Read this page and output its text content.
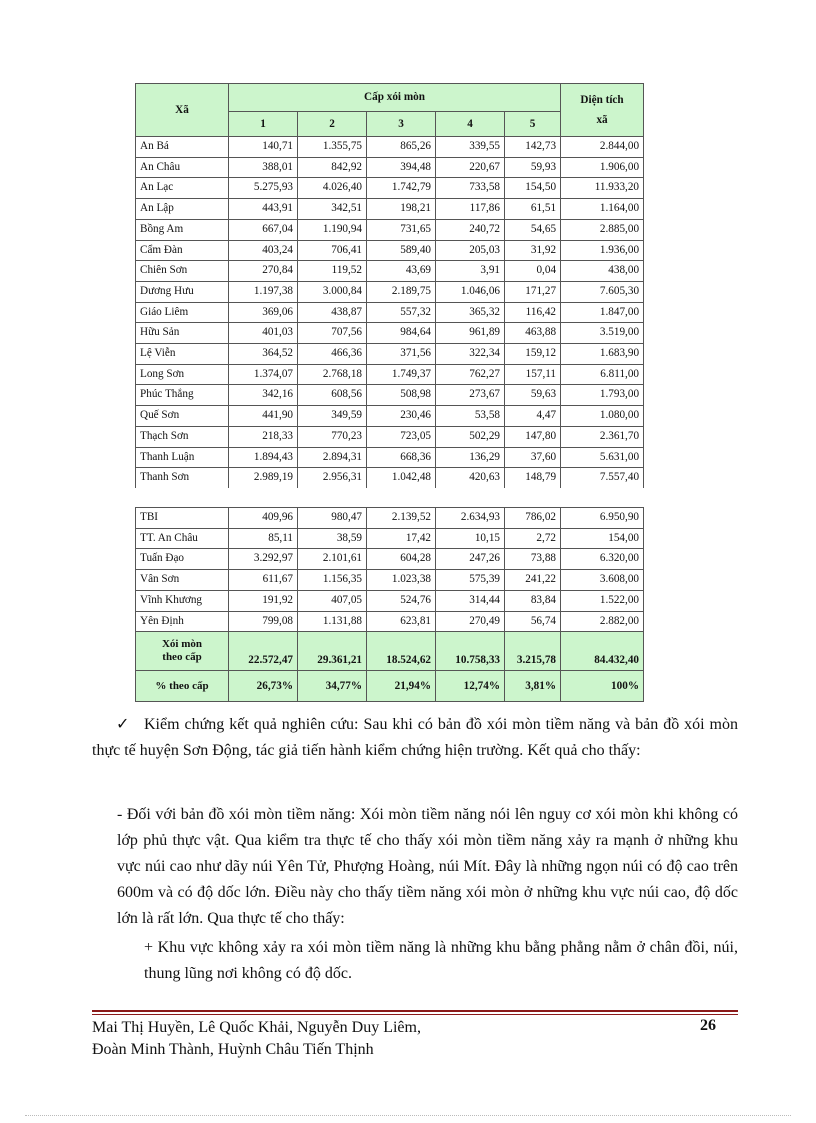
Xã	Cấp xói mòn					Diện tích
xã
	1	2	3	4	5	
An Bá	140,71	1.355,75	865,26	339,55	142,73	2.844,00
An Châu	388,01	842,92	394,48	220,67	59,93	1.906,00
An Lạc	5.275,93	4.026,40	1.742,79	733,58	154,50	11.933,20
An Lập	443,91	342,51	198,21	117,86	61,51	1.164,00
Bồng Am	667,04	1.190,94	731,65	240,72	54,65	2.885,00
Cẩm Đàn	403,24	706,41	589,40	205,03	31,92	1.936,00
Chiên Sơn	270,84	119,52	43,69	3,91	0,04	438,00
Dương Hưu	1.197,38	3.000,84	2.189,75	1.046,06	171,27	7.605,30
Giáo Liêm	369,06	438,87	557,32	365,32	116,42	1.847,00
Hữu Sản	401,03	707,56	984,64	961,89	463,88	3.519,00
Lệ Viễn	364,52	466,36	371,56	322,34	159,12	1.683,90
Long Sơn	1.374,07	2.768,18	1.749,37	762,27	157,11	6.811,00
Phúc Thắng	342,16	608,56	508,98	273,67	59,63	1.793,00
Quế Sơn	441,90	349,59	230,46	53,58	4,47	1.080,00
Thạch Sơn	218,33	770,23	723,05	502,29	147,80	2.361,70
Thanh Luận	1.894,43	2.894,31	668,36	136,29	37,60	5.631,00
Thanh Sơn	2.989,19	2.956,31	1.042,48	420,63	148,79	7.557,40
TBI	409,96	980,47	2.139,52	2.634,93	786,02	6.950,90
TT. An Châu	85,11	38,59	17,42	10,15	2,72	154,00
Tuấn Đạo	3.292,97	2.101,61	604,28	247,26	73,88	6.320,00
Vân Sơn	611,67	1.156,35	1.023,38	575,39	241,22	3.608,00
Vĩnh Khương	191,92	407,05	524,76	314,44	83,84	1.522,00
Yên Định	799,08	1.131,88	623,81	270,49	56,74	2.882,00
Xói mòn
theo cấp	22.572,47	29.361,21	18.524,62	10.758,33	3.215,78	84.432,40
% theo cấp	26,73%	34,77%	21,94%	12,74%	3,81%	100%
✓ Kiểm chứng kết quả nghiên cứu: Sau khi có bản đồ xói mòn tiềm năng và bản đồ xói mòn thực tế huyện Sơn Động, tác giả tiến hành kiểm chứng hiện trường. Kết quả cho thấy:

- Đối với bản đồ xói mòn tiềm năng: Xói mòn tiềm năng nói lên nguy cơ xói mòn khi không có lớp phủ thực vật. Qua kiểm tra thực tế cho thấy xói mòn tiềm năng xảy ra mạnh ở những khu vực núi cao như dãy núi Yên Tử, Phượng Hoàng, núi Mít. Đây là những ngọn núi có độ cao trên 600m và có độ dốc lớn. Điều này cho thấy tiềm năng xói mòn ở những khu vực núi cao, độ dốc lớn là rất lớn. Qua thực tế cho thấy:

+ Khu vực không xảy ra xói mòn tiềm năng là những khu bằng phẳng nằm ở chân đồi, núi, thung lũng nơi không có độ dốc.

Mai Thị Huyền, Lê Quốc Khải, Nguyễn Duy Liêm,
Đoàn Minh Thành, Huỳnh Châu Tiến Thịnh
26
